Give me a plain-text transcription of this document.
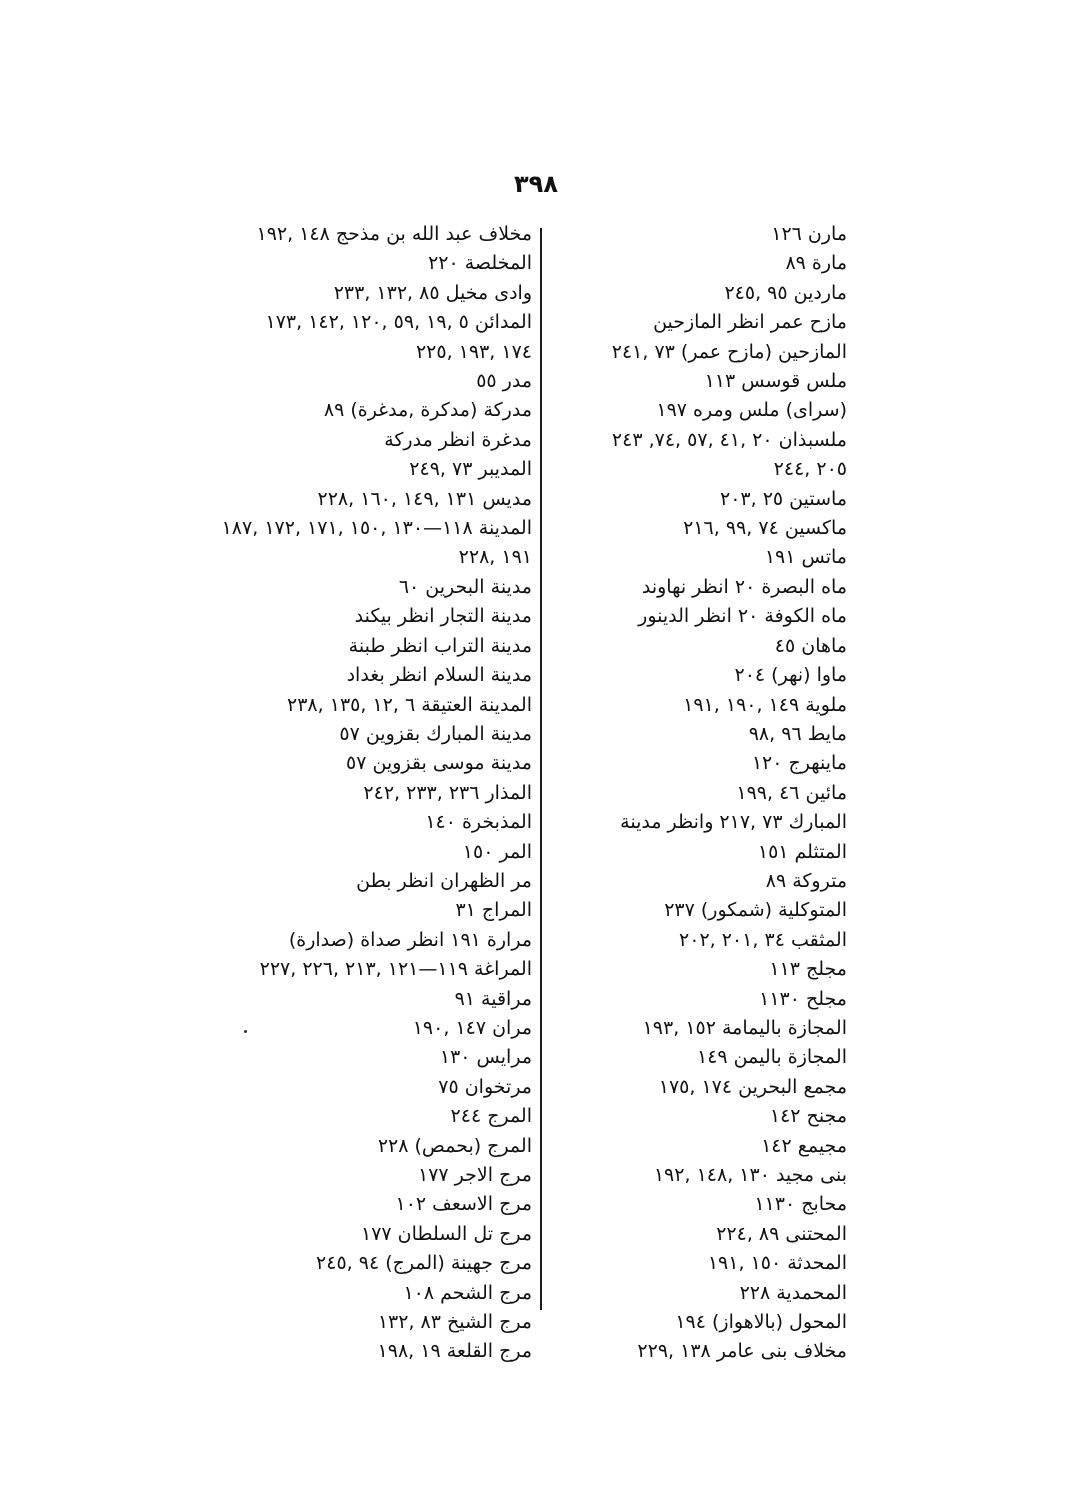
٣٩٨
مارن ١٢٦
مارة ٨٩
ماردين ٩٥ ,٢٤٥
مازح عمر انظر المازحين
المازحين (مازح عمر) ٧٣ ,٢٤١
ملس قوسس ١١٣
(سرای) ملس ومره ١٩٧
ملسبذان ٢٠ ,٤١ ,٥٧ ,٧٤, ٢٤٣
٢٠٥ ,٢٤٤
ماستين ٢٥ ,٢٠٣
ماكسين ٧٤ ,٩٩ ,٢١٦
ماتس ١٩١
ماه البصرة ٢٠ انظر نهاوند
ماه الكوفة ٢٠ انظر الدينور
ماهان ٤٥
ماوا (نهر) ٢٠٤
ملوية ١٤٩ ,١٩٠ ,١٩١
مايط ٩٦ ,٩٨
ماينهرج ١٢٠
مائين ٤٦ ,١٩٩
المبارك ٧٣ ,٢١٧ وانظر مدينة
المتثلم ١٥١
متروكة ٨٩
المتوكلية (شمكور) ٢٣٧
المثقب ٣٤ ,٢٠١ ,٢٠٢
مجلج ١١٣
مجلح ١١٣٠
المجازة باليمامة ١٥٢ ,١٩٣
المجازة باليمن ١٤٩
مجمع البحرين ١٧٤ ,١٧٥
مجنح ١٤٢
مجيمع ١٤٢
بنی مجید ١٣٠ ,١٤٨ ,١٩٢
محابج ١١٣٠
المحتنی ٨٩ ,٢٢٤
المحدثة ١٥٠ ,١٩١
المحمدية ٢٢٨
المحول (بالاهواز) ١٩٤
مخلاف بنی عامر ١٣٨ ,٢٢٩
مخلاف عبد الله بن مذحج ١٤٨ ,١٩٢
المخلصة ٢٢٠
وادی مخيل ٨٥ ,١٣٢ ,٢٣٣
المدائن ٥ ,١٩ ,٥٩ ,١٢٠ ,١٤٢ ,١٧٣
١٧٤ ,١٩٣ ,٢٢٥
مدر ٥٥
مدركة (مدكرة ,مدغرة) ٨٩
مدغرة انظر مدركة
المديبر ٧٣ ,٢٤٩
مديس ١٣١ ,١٤٩ ,١٦٠ ,٢٢٨
المدينة ١١٨—١٣٠ ,١٥٠ ,١٧١ ,١٧٢ ,١٨٧
١٩١ ,٢٢٨
مدينة البحرين ٦٠
مدينة التجار انظر بيكند
مدينة التراب انظر طبنة
مدينة السلام انظر بغداد
المدينة العتيقة ٦ ,١٢ ,١٣٥ ,٢٣٨
مدينة المبارك بقزوين ٥٧
مدينة موسى بقزوين ٥٧
المذار ٢٣٦ ,٢٣٣ ,٢٤٢
المذبخرة ١٤٠
المر ١٥٠
مر الظهران انظر بطن
المراج ٣١
مرارة ١٩١ انظر صداة (صدارة)
المراغة ١١٩—١٢١ ,٢١٣ ,٢٢٦ ,٢٢٧
مراقية ٩١
مران ١٤٧ ,١٩٠
مرايس ١٣٠
مرتخوان ٧٥
المرج ٢٤٤
المرج (بحمص) ٢٢٨
مرج الاجر ١٧٧
مرج الاسعف ١٠٢
مرج تل السلطان ١٧٧
مرج جهينة (المرج) ٩٤ ,٢٤٥
مرج الشحم ١٠٨
مرج الشيخ ٨٣ ,١٣٢
مرج القلعة ١٩ ,١٩٨
